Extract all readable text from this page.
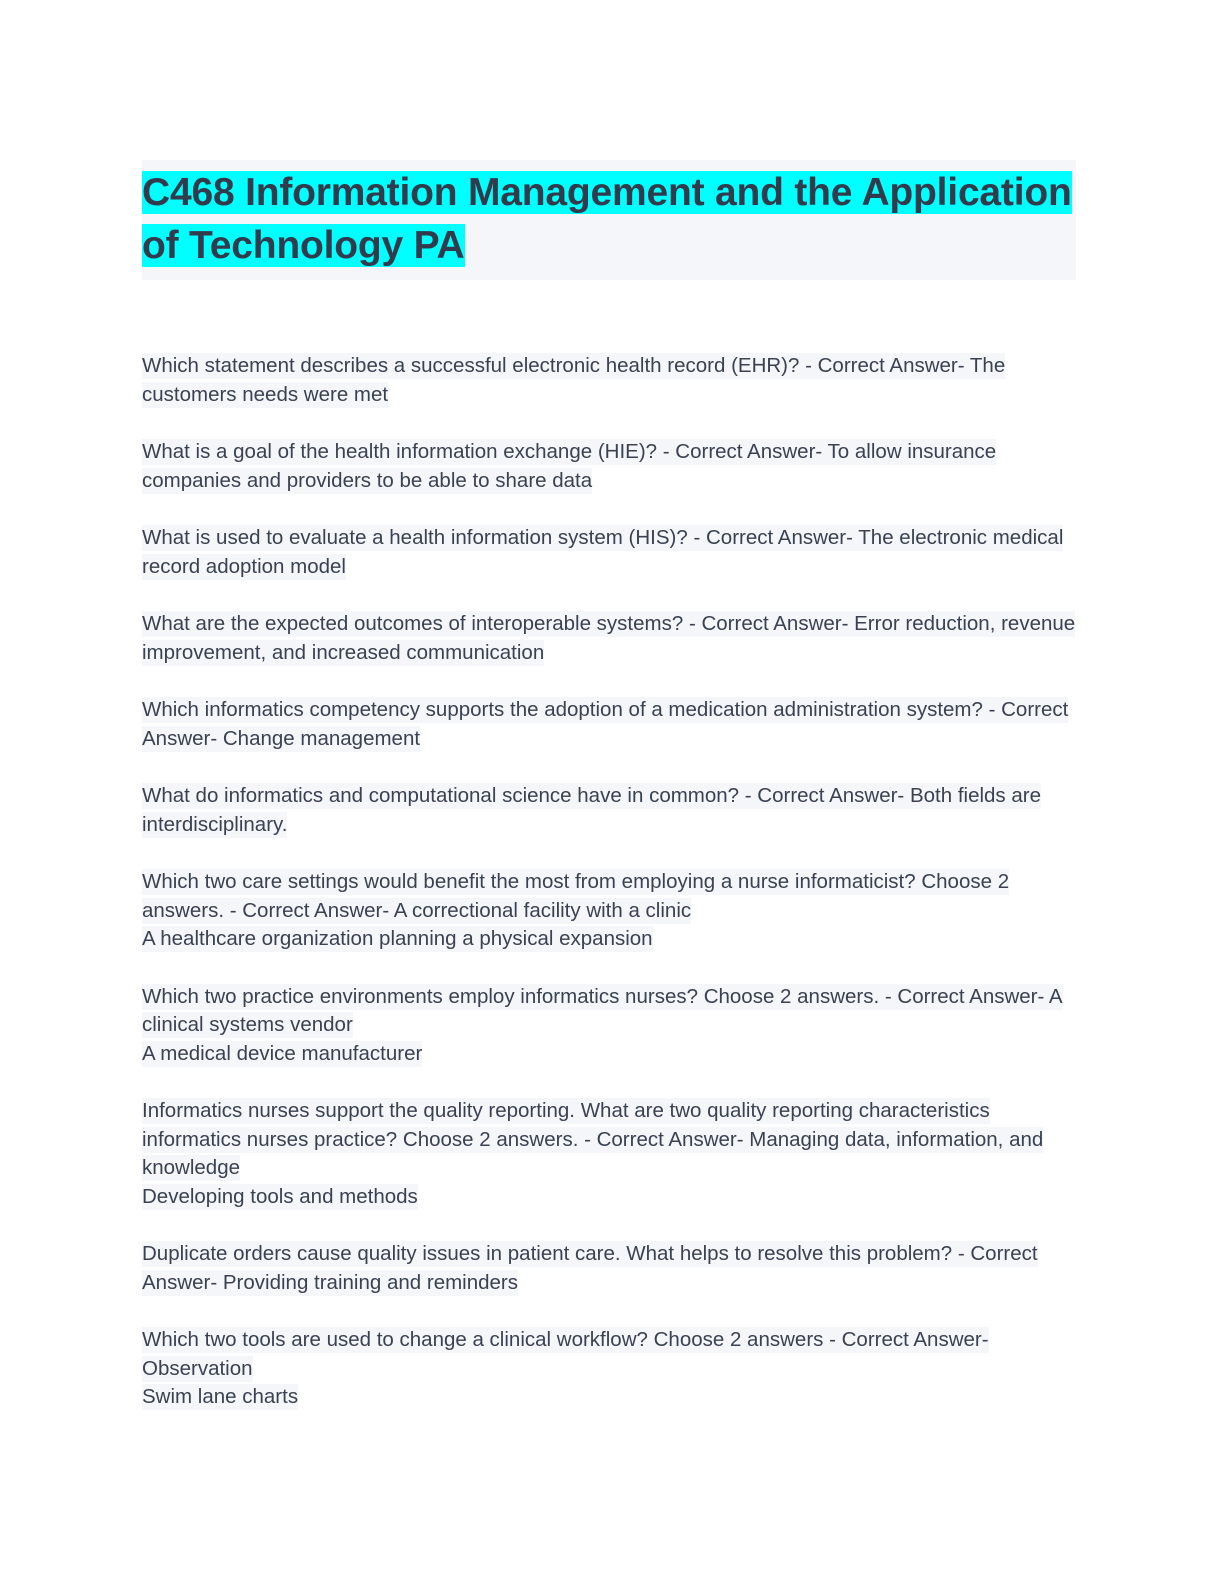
C468 Information Management and the Application of Technology PA
Which statement describes a successful electronic health record (EHR)? - Correct Answer- The customers needs were met
What is a goal of the health information exchange (HIE)? - Correct Answer- To allow insurance companies and providers to be able to share data
What is used to evaluate a health information system (HIS)? - Correct Answer- The electronic medical record adoption model
What are the expected outcomes of interoperable systems? - Correct Answer- Error reduction, revenue improvement, and increased communication
Which informatics competency supports the adoption of a medication administration system? - Correct Answer- Change management
What do informatics and computational science have in common? - Correct Answer- Both fields are interdisciplinary.
Which two care settings would benefit the most from employing a nurse informaticist? Choose 2 answers. - Correct Answer- A correctional facility with a clinic
A healthcare organization planning a physical expansion
Which two practice environments employ informatics nurses? Choose 2 answers. - Correct Answer- A clinical systems vendor
A medical device manufacturer
Informatics nurses support the quality reporting. What are two quality reporting characteristics informatics nurses practice? Choose 2 answers. - Correct Answer- Managing data, information, and knowledge
Developing tools and methods
Duplicate orders cause quality issues in patient care. What helps to resolve this problem? - Correct Answer- Providing training and reminders
Which two tools are used to change a clinical workflow? Choose 2 answers - Correct Answer- Observation
Swim lane charts
